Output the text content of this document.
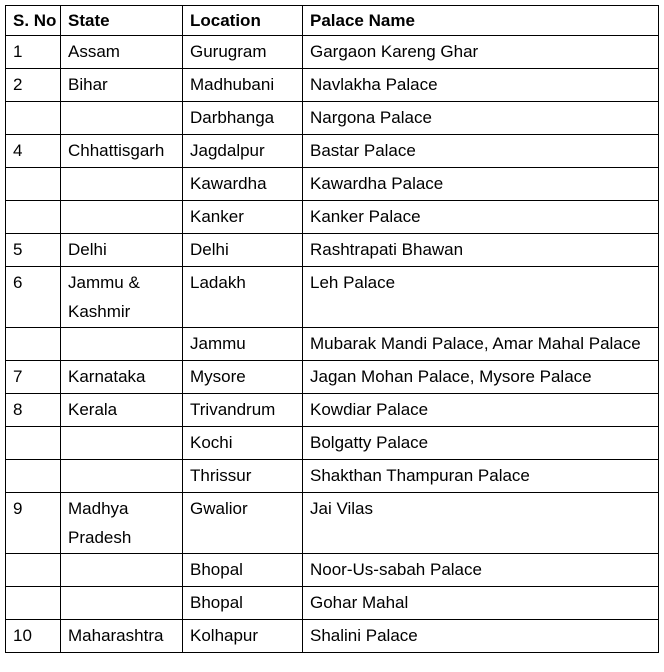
S. No	State	Location	Palace Name
1	Assam	Gurugram	Gargaon Kareng Ghar
2	Bihar	Madhubani	Navlakha Palace
		Darbhanga	Nargona Palace
4	Chhattisgarh	Jagdalpur	Bastar Palace
		Kawardha	Kawardha Palace
		Kanker	Kanker Palace
5	Delhi	Delhi	Rashtrapati Bhawan
6	Jammu & Kashmir	Ladakh	Leh Palace
		Jammu	Mubarak Mandi Palace, Amar Mahal Palace
7	Karnataka	Mysore	Jagan Mohan Palace, Mysore Palace
8	Kerala	Trivandrum	Kowdiar Palace
		Kochi	Bolgatty Palace
		Thrissur	Shakthan Thampuran Palace
9	Madhya Pradesh	Gwalior	Jai Vilas
		Bhopal	Noor-Us-sabah Palace
		Bhopal	Gohar Mahal
10	Maharashtra	Kolhapur	Shalini Palace
